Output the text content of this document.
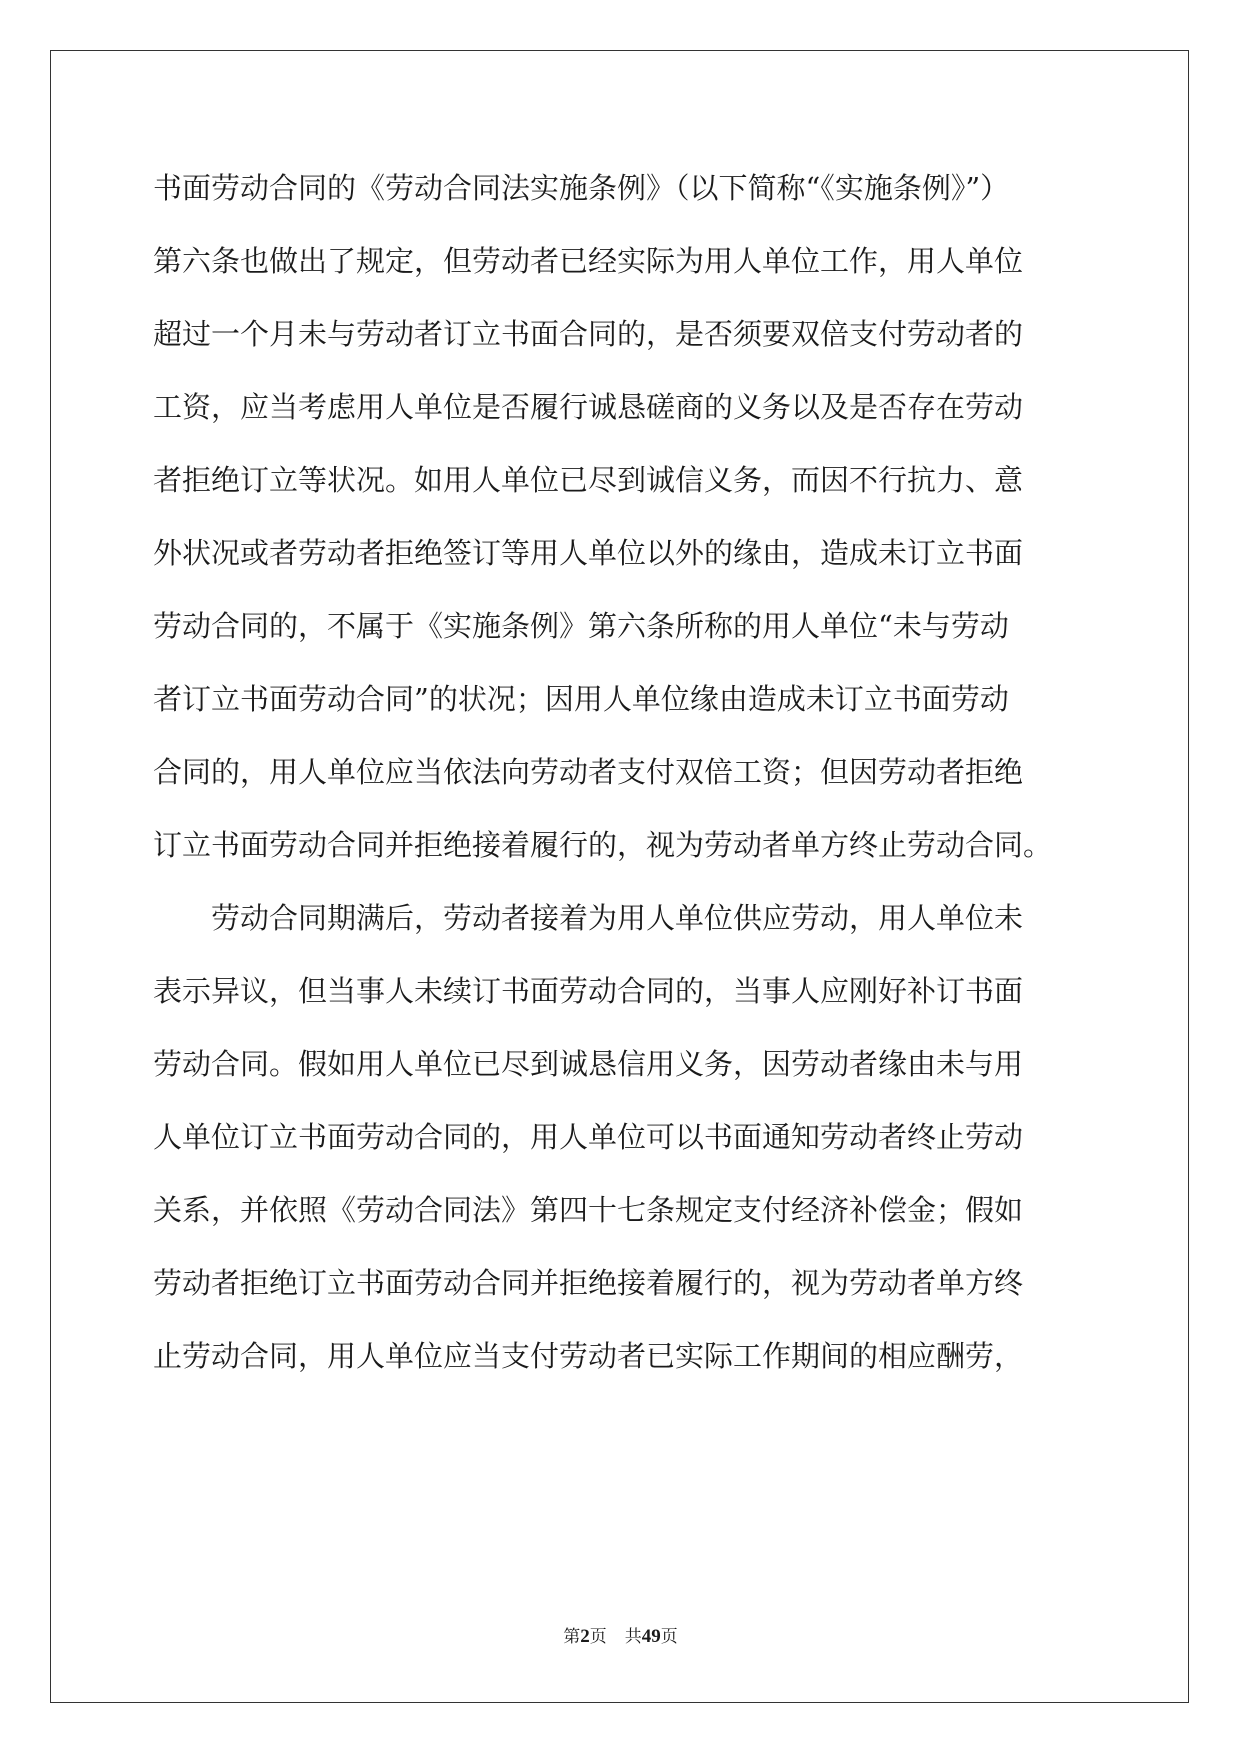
书面劳动合同的《劳动合同法实施条例》（以下简称“《实施条例》”）
第六条也做出了规定，但劳动者已经实际为用人单位工作，用人单位
超过一个月未与劳动者订立书面合同的，是否须要双倍支付劳动者的
工资，应当考虑用人单位是否履行诚恳磋商的义务以及是否存在劳动
者拒绝订立等状况。如用人单位已尽到诚信义务，而因不行抗力、意
外状况或者劳动者拒绝签订等用人单位以外的缘由，造成未订立书面
劳动合同的，不属于《实施条例》第六条所称的用人单位“未与劳动
者订立书面劳动合同”的状况；因用人单位缘由造成未订立书面劳动
合同的，用人单位应当依法向劳动者支付双倍工资；但因劳动者拒绝
订立书面劳动合同并拒绝接着履行的，视为劳动者单方终止劳动合同。
劳动合同期满后，劳动者接着为用人单位供应劳动，用人单位未
表示异议，但当事人未续订书面劳动合同的，当事人应刚好补订书面
劳动合同。假如用人单位已尽到诚恳信用义务，因劳动者缘由未与用
人单位订立书面劳动合同的，用人单位可以书面通知劳动者终止劳动
关系，并依照《劳动合同法》第四十七条规定支付经济补偿金；假如
劳动者拒绝订立书面劳动合同并拒绝接着履行的，视为劳动者单方终
止劳动合同，用人单位应当支付劳动者已实际工作期间的相应酬劳，
第2页 共49页
